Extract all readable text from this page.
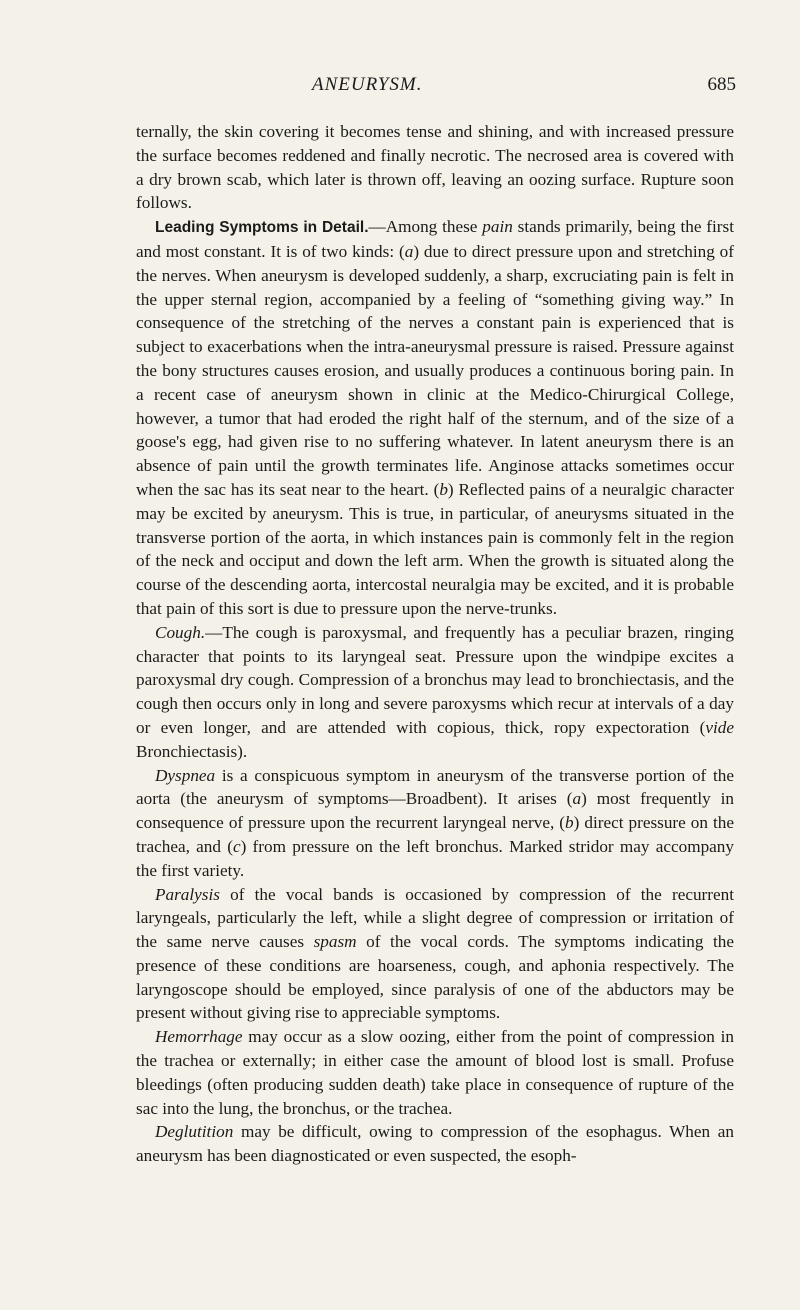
ANEURYSM.	685

ternally, the skin covering it becomes tense and shining, and with increased pressure the surface becomes reddened and finally necrotic. The necrosed area is covered with a dry brown scab, which later is thrown off, leaving an oozing surface. Rupture soon follows.

Leading Symptoms in Detail.—Among these pain stands primarily, being the first and most constant. It is of two kinds: (a) due to direct pressure upon and stretching of the nerves. When aneurysm is developed suddenly, a sharp, excruciating pain is felt in the upper sternal region, accompanied by a feeling of “something giving way.” In consequence of the stretching of the nerves a constant pain is experienced that is subject to exacerbations when the intra-aneurysmal pressure is raised. Pressure against the bony structures causes erosion, and usually produces a continuous boring pain. In a recent case of aneurysm shown in clinic at the Medico-Chirurgical College, however, a tumor that had eroded the right half of the sternum, and of the size of a goose's egg, had given rise to no suffering whatever. In latent aneurysm there is an absence of pain until the growth terminates life. Anginose attacks sometimes occur when the sac has its seat near to the heart. (b) Reflected pains of a neuralgic character may be excited by aneurysm. This is true, in particular, of aneurysms situated in the transverse portion of the aorta, in which instances pain is commonly felt in the region of the neck and occiput and down the left arm. When the growth is situated along the course of the descending aorta, intercostal neuralgia may be excited, and it is probable that pain of this sort is due to pressure upon the nerve-trunks.

Cough.—The cough is paroxysmal, and frequently has a peculiar brazen, ringing character that points to its laryngeal seat. Pressure upon the windpipe excites a paroxysmal dry cough. Compression of a bronchus may lead to bronchiectasis, and the cough then occurs only in long and severe paroxysms which recur at intervals of a day or even longer, and are attended with copious, thick, ropy expectoration (vide Bronchiectasis).

Dyspnea is a conspicuous symptom in aneurysm of the transverse portion of the aorta (the aneurysm of symptoms—Broadbent). It arises (a) most frequently in consequence of pressure upon the recurrent laryngeal nerve, (b) direct pressure on the trachea, and (c) from pressure on the left bronchus. Marked stridor may accompany the first variety.

Paralysis of the vocal bands is occasioned by compression of the recurrent laryngeals, particularly the left, while a slight degree of compression or irritation of the same nerve causes spasm of the vocal cords. The symptoms indicating the presence of these conditions are hoarseness, cough, and aphonia respectively. The laryngoscope should be employed, since paralysis of one of the abductors may be present without giving rise to appreciable symptoms.

Hemorrhage may occur as a slow oozing, either from the point of compression in the trachea or externally; in either case the amount of blood lost is small. Profuse bleedings (often producing sudden death) take place in consequence of rupture of the sac into the lung, the bronchus, or the trachea.

Deglutition may be difficult, owing to compression of the esophagus. When an aneurysm has been diagnosticated or even suspected, the esoph-
